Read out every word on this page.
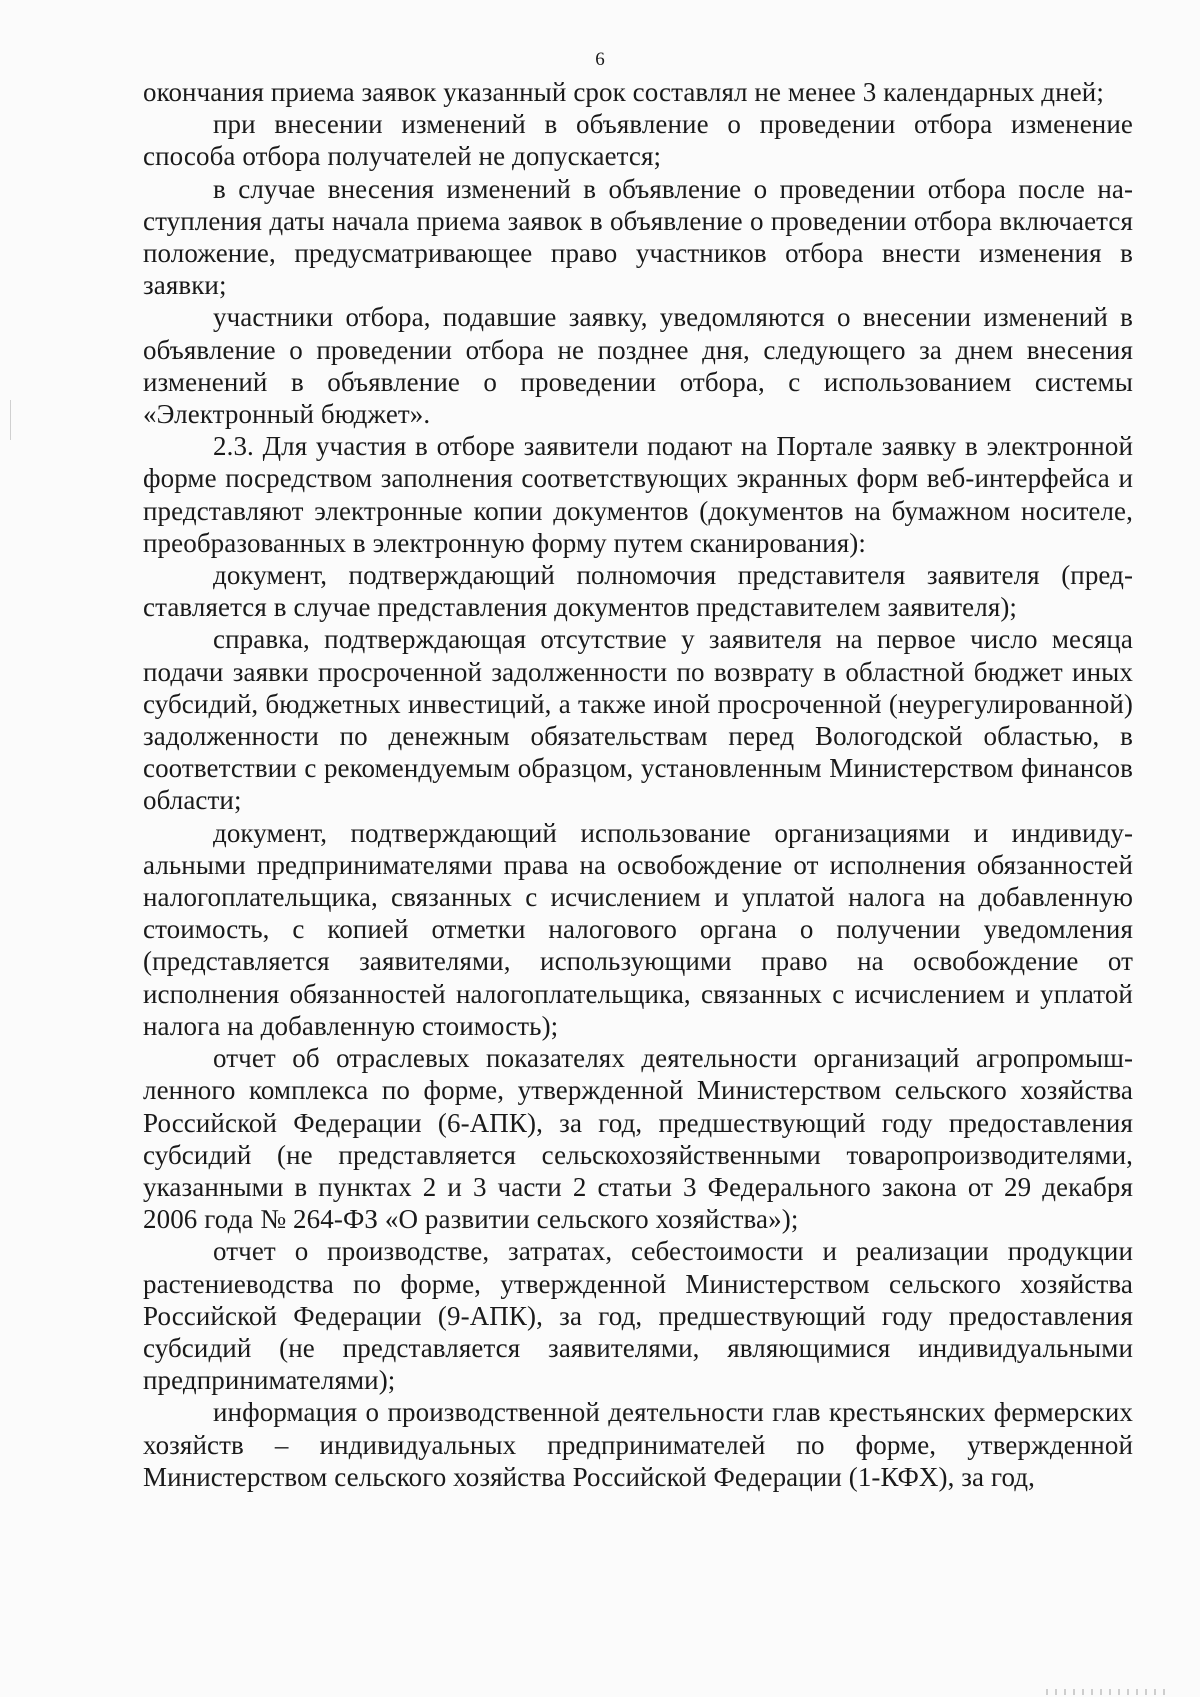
6

окончания приема заявок указанный срок составлял не менее 3 календарных дней;

при внесении изменений в объявление о проведении отбора изменение способа отбора получателей не допускается;

в случае внесения изменений в объявление о проведении отбора после наступления даты начала приема заявок в объявление о проведении отбора включается положение, предусматривающее право участников отбора внести изменения в заявки;

участники отбора, подавшие заявку, уведомляются о внесении изменений в объявление о проведении отбора не позднее дня, следующего за днем внесения изменений в объявление о проведении отбора, с использованием системы «Электронный бюджет».

2.3. Для участия в отборе заявители подают на Портале заявку в электронной форме посредством заполнения соответствующих экранных форм веб-интерфейса и представляют электронные копии документов (документов на бумажном носителе, преобразованных в электронную форму путем сканирования):

документ, подтверждающий полномочия представителя заявителя (представляется в случае представления документов представителем заявителя);

справка, подтверждающая отсутствие у заявителя на первое число месяца подачи заявки просроченной задолженности по возврату в областной бюджет иных субсидий, бюджетных инвестиций, а также иной просроченной (неурегулированной) задолженности по денежным обязательствам перед Вологодской областью, в соответствии с рекомендуемым образцом, установленным Министерством финансов области;

документ, подтверждающий использование организациями и индивидуальными предпринимателями права на освобождение от исполнения обязанностей налогоплательщика, связанных с исчислением и уплатой налога на добавленную стоимость, с копией отметки налогового органа о получении уведомления (представляется заявителями, использующими право на освобождение от исполнения обязанностей налогоплательщика, связанных с исчислением и уплатой налога на добавленную стоимость);

отчет об отраслевых показателях деятельности организаций агропромышленного комплекса по форме, утвержденной Министерством сельского хозяйства Российской Федерации (6-АПК), за год, предшествующий году предоставления субсидий (не представляется сельскохозяйственными товаропроизводителями, указанными в пунктах 2 и 3 части 2 статьи 3 Федерального закона от 29 декабря 2006 года № 264-ФЗ «О развитии сельского хозяйства»);

отчет о производстве, затратах, себестоимости и реализации продукции растениеводства по форме, утвержденной Министерством сельского хозяйства Российской Федерации (9-АПК), за год, предшествующий году предоставления субсидий (не представляется заявителями, являющимися индивидуальными предпринимателями);

информация о производственной деятельности глав крестьянских фермерских хозяйств – индивидуальных предпринимателей по форме, утвержденной Министерством сельского хозяйства Российской Федерации (1-КФХ), за год,
